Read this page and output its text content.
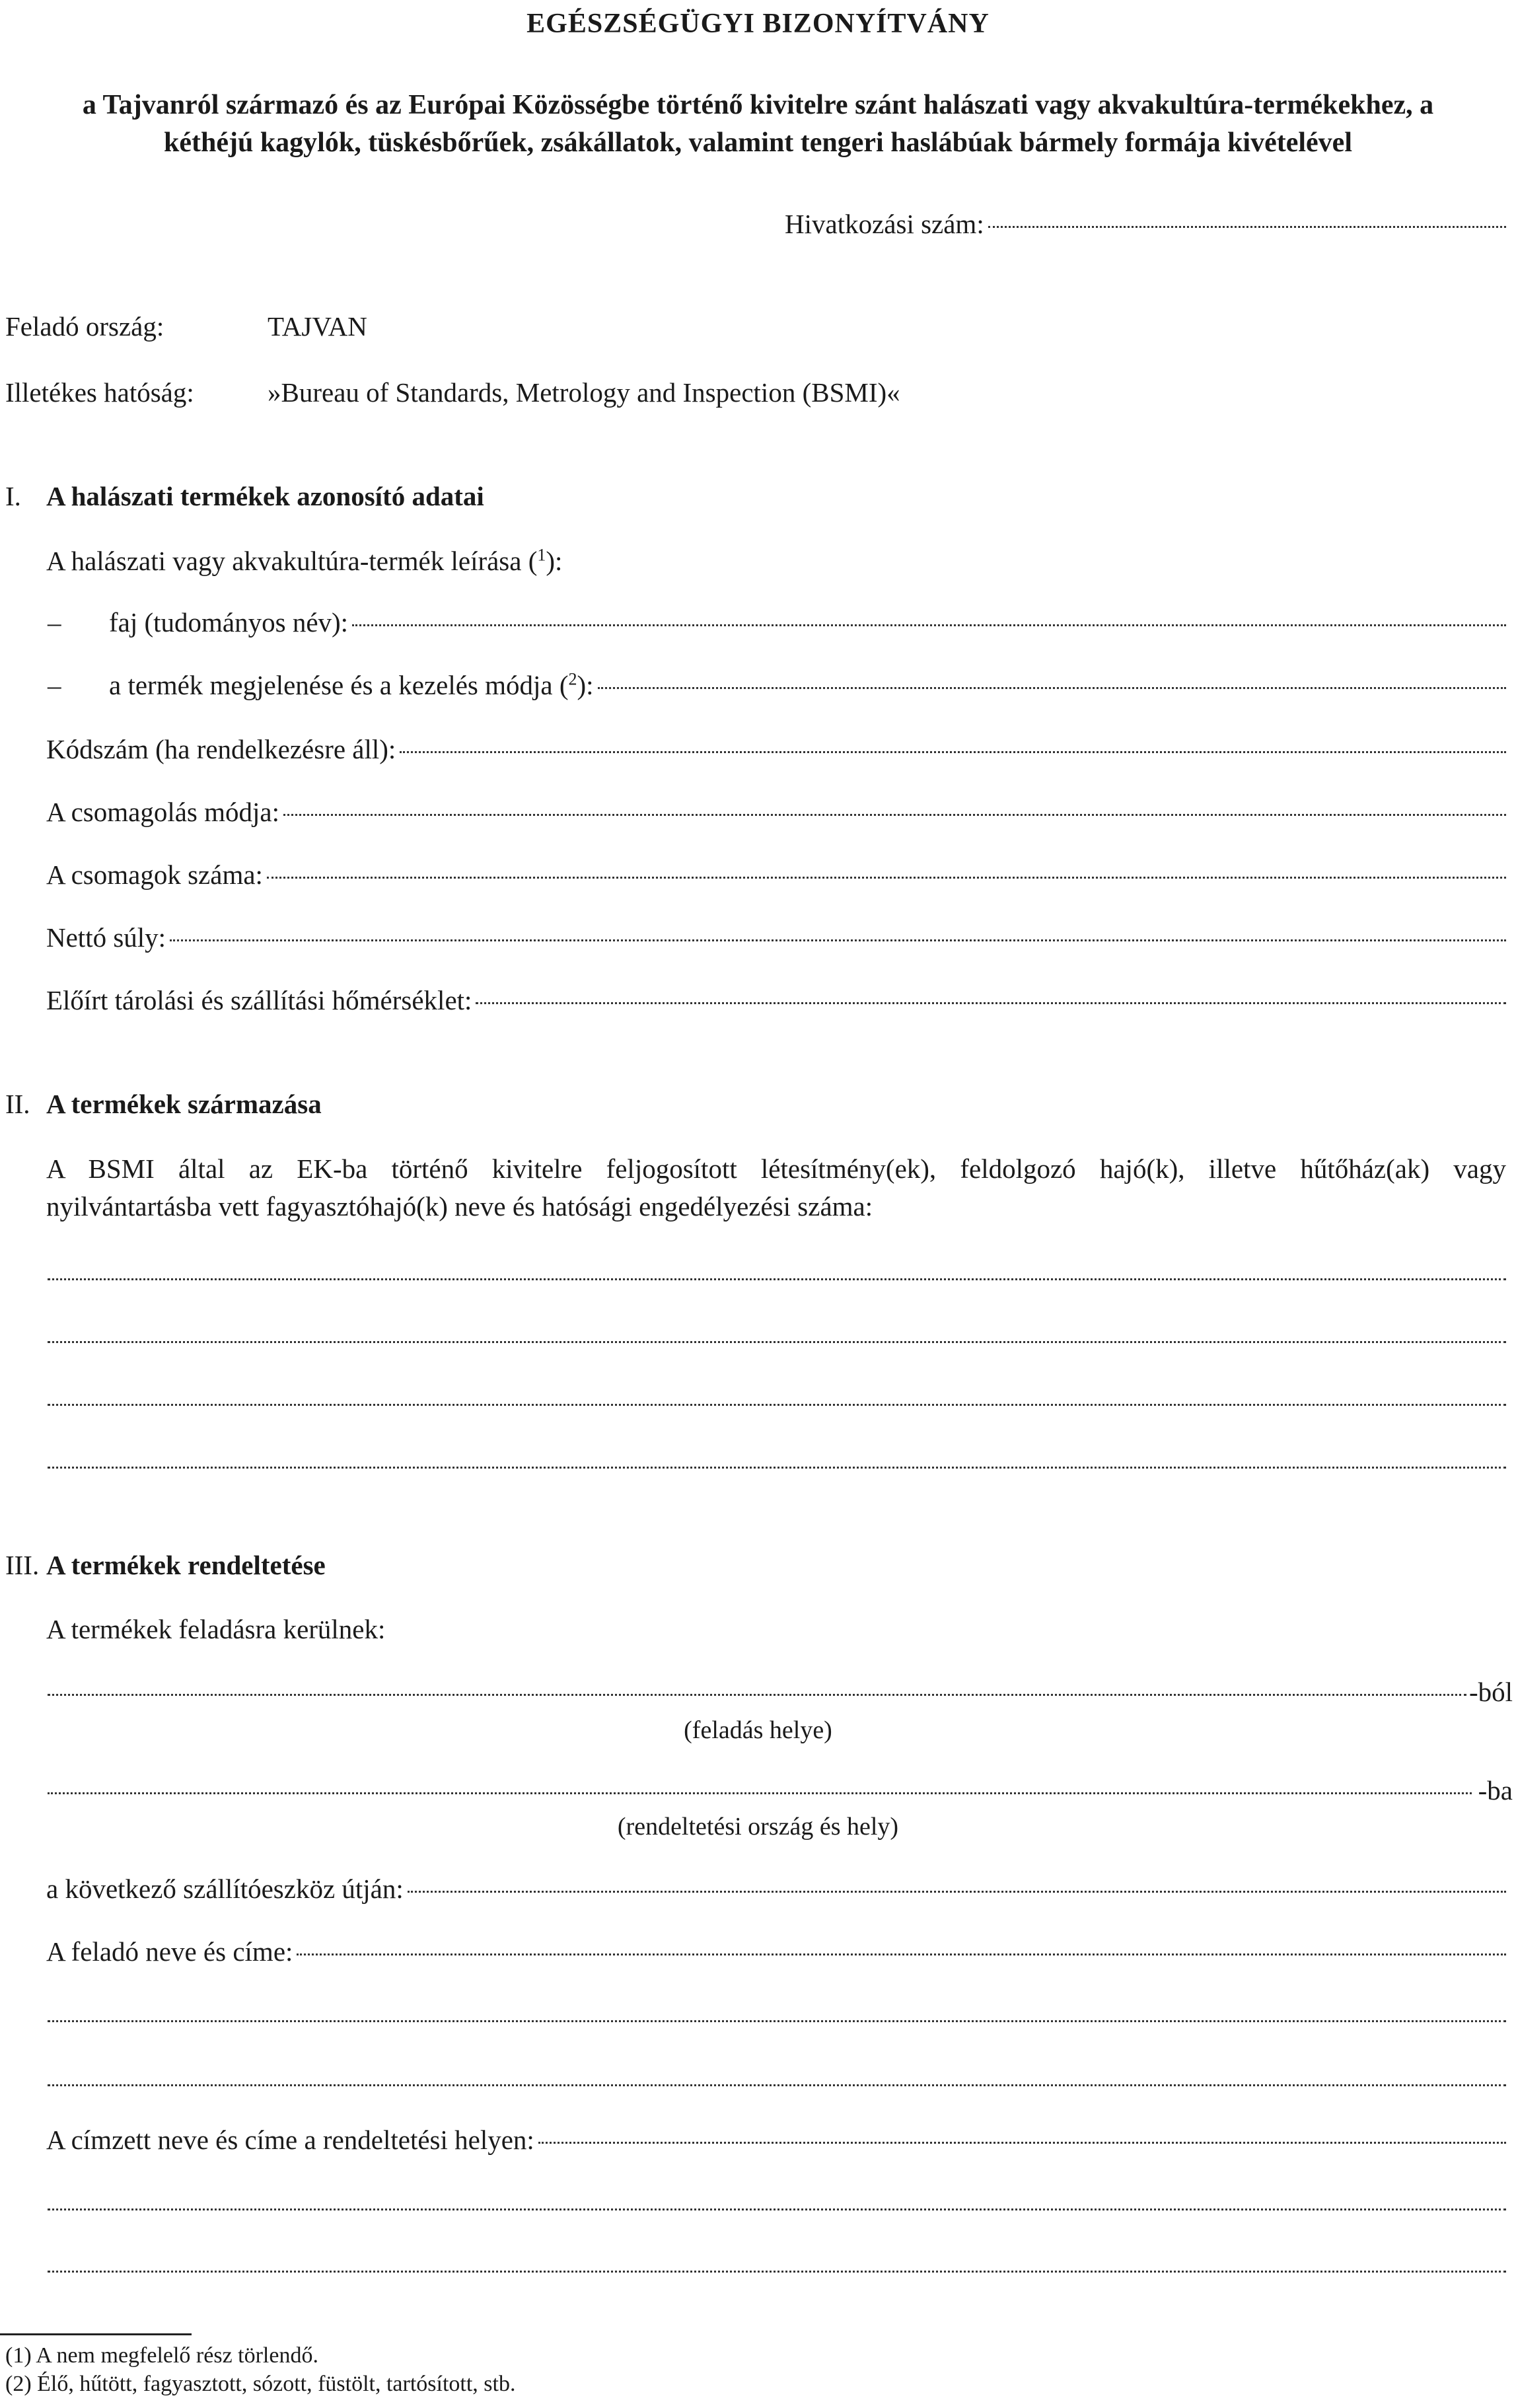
EGÉSZSÉGÜGYI BIZONYÍTVÁNY
a Tajvanról származó és az Európai Közösségbe történő kivitelre szánt halászati vagy akvakultúra-termékekhez, a
kéthéjú kagylók, tüskésbőrűek, zsákállatok, valamint tengeri haslábúak bármely formája kivételével
Hivatkozási szám:
Feladó ország:	TAJVAN
Illetékes hatóság:	»Bureau of Standards, Metrology and Inspection (BSMI)«
I. A halászati termékek azonosító adatai
A halászati vagy akvakultúra-termék leírása ($^1$):
– faj (tudományos név):
– a termék megjelenése és a kezelés módja ($^2$):
Kódszám (ha rendelkezésre áll):
A csomagolás módja:
A csomagok száma:
Nettó súly:
Előírt tárolási és szállítási hőmérséklet:
II. A termékek származása
A BSMI által az EK-ba történő kivitelre feljogosított létesítmény(ek), feldolgozó hajó(k), illetve hűtőház(ak) vagy
nyilvántartásba vett fagyasztóhajó(k) neve és hatósági engedélyezési száma:
III. A termékek rendeltetése
A termékek feladásra kerülnek:
-ból
(feladás helye)
-ba
(rendeltetési ország és hely)
a következő szállítóeszköz útján:
A feladó neve és címe:
A címzett neve és címe a rendeltetési helyen:
(1) A nem megfelelő rész törlendő.
(2) Élő, hűtött, fagyasztott, sózott, füstölt, tartósított, stb.
